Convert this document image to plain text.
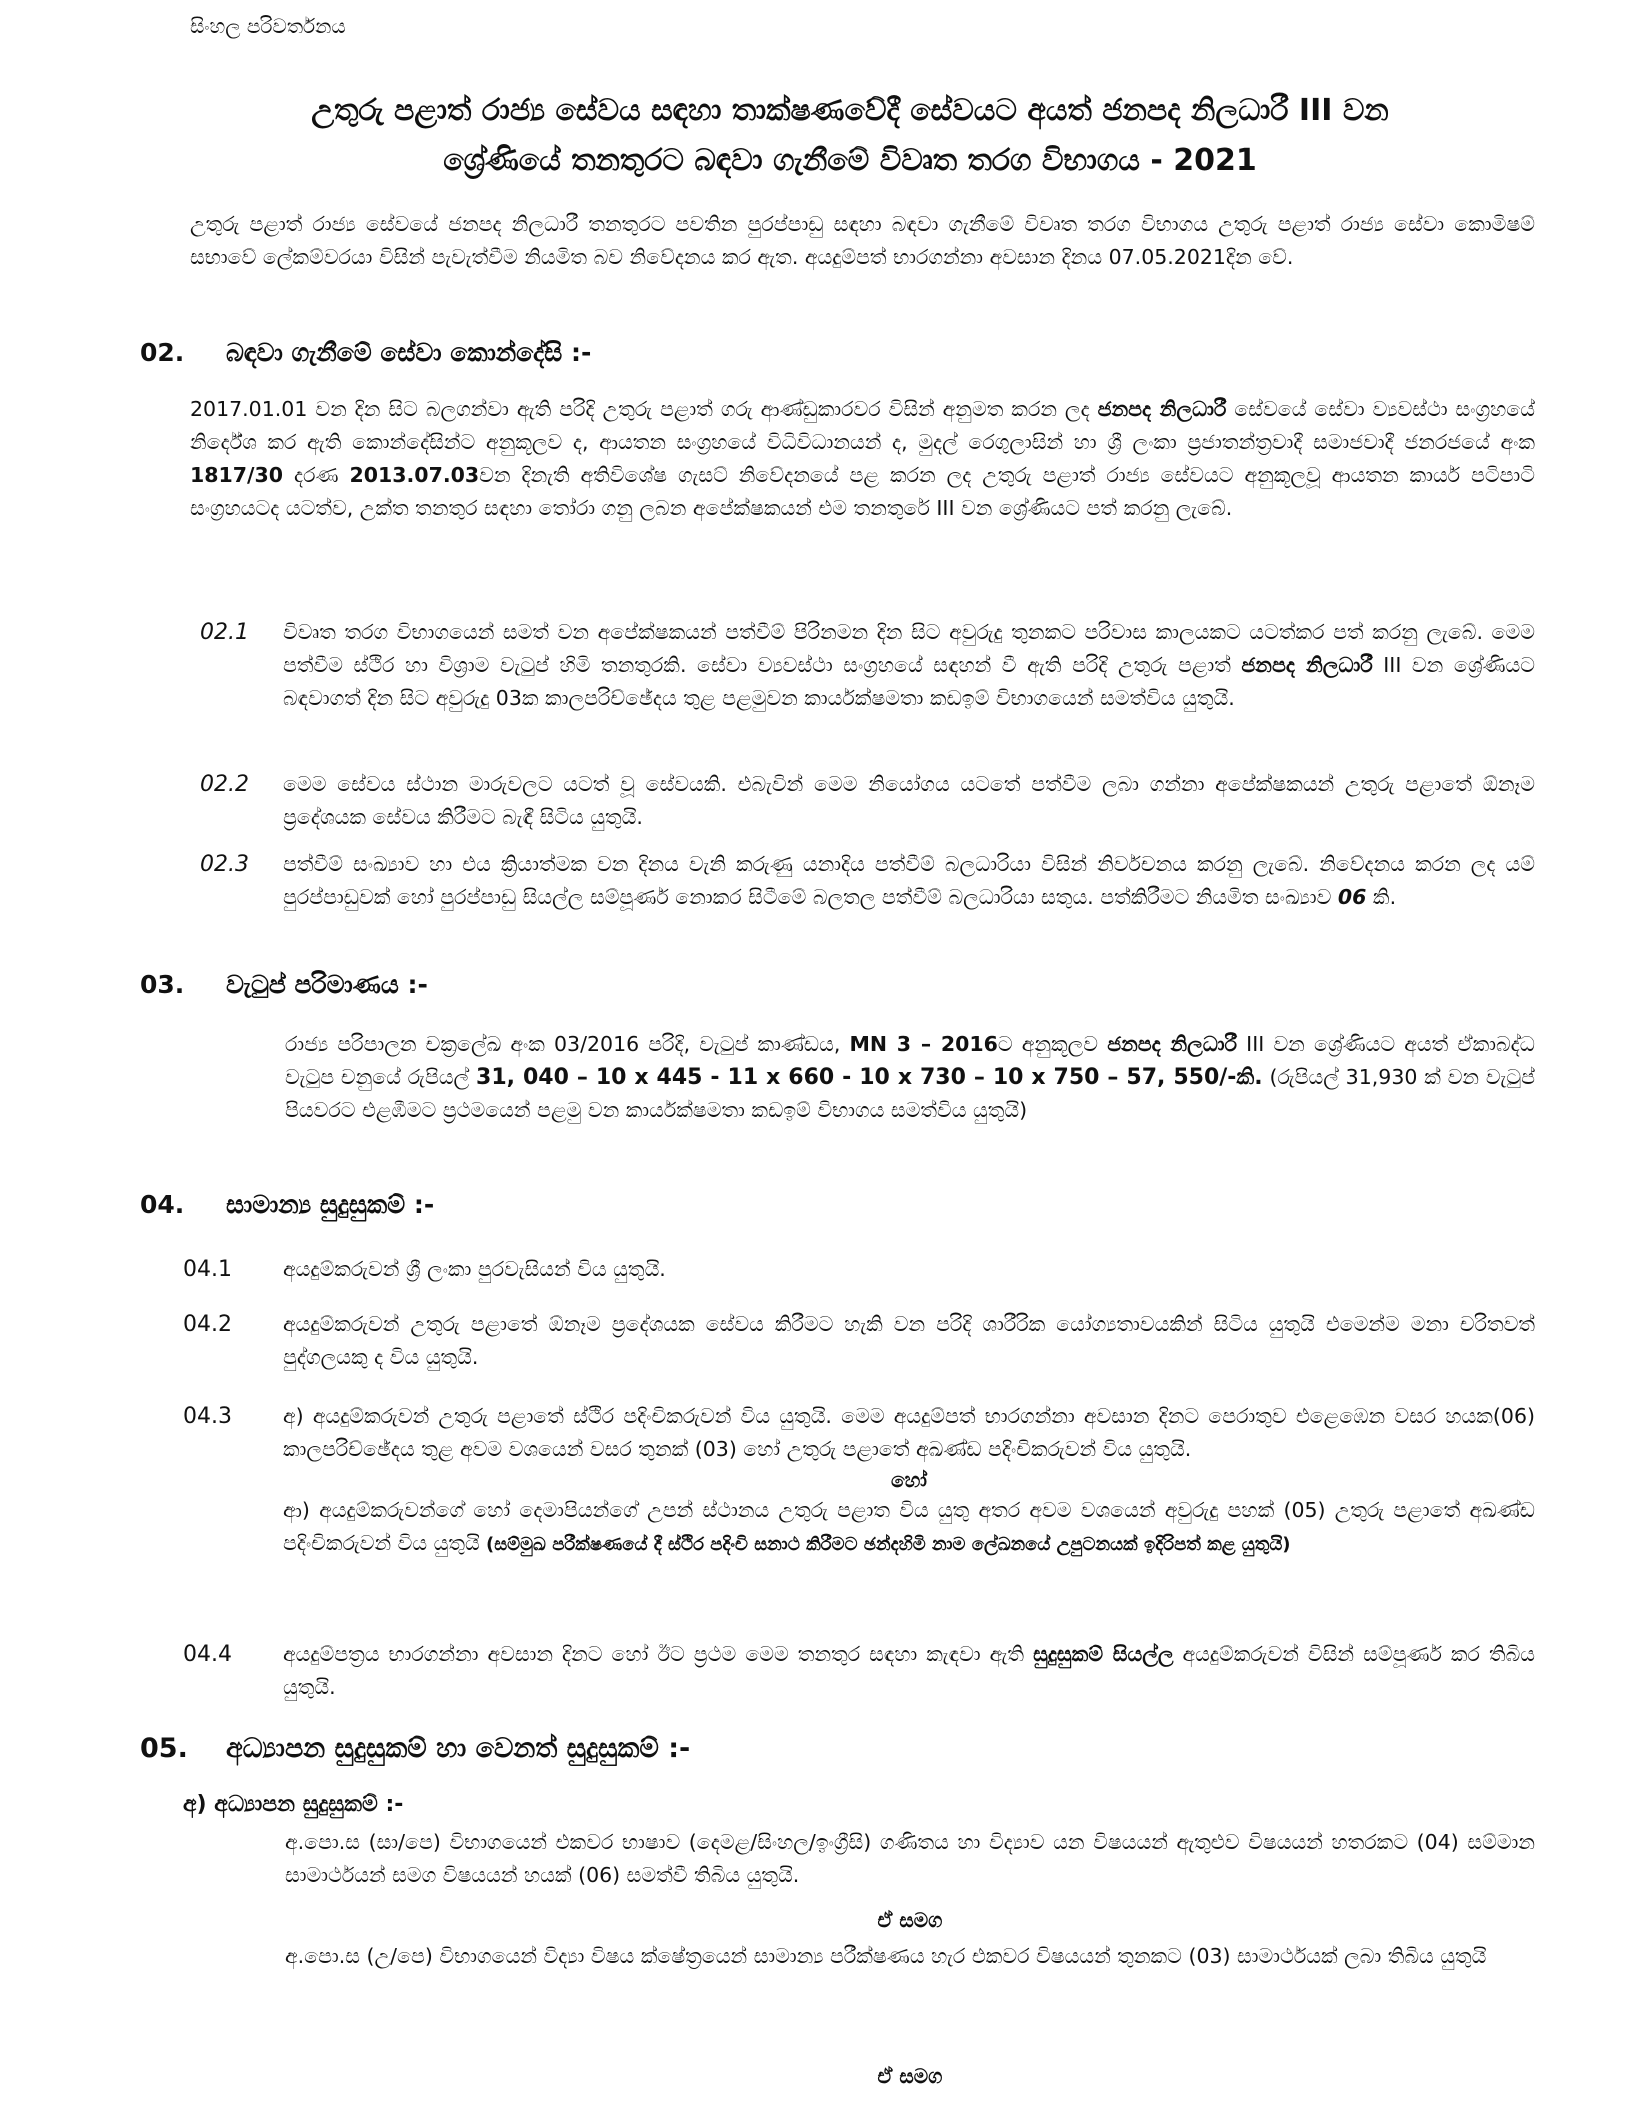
සිංහල පරිවර්තනය
උතුරු පළාත් රාජ්‍ය සේවය සඳහා තාක්ෂණවේදී සේවයට අයත් ජනපද නිලධාරී III වන
ශ්‍රේණියේ තනතුරට බඳවා ගැනීමේ විවෘත තරග විභාගය - 2021

උතුරු පළාත් රාජ්‍ය සේවයේ ජනපද නිලධාරී තනතුරට පවතින පුරප්පාඩු සඳහා බඳවා ගැනීමේ විවෘත තරග විභාගය උතුරු පළාත් රාජ්‍ය සේවා කොමිෂම් සභාවේ ලේකම්වරයා විසින් පැවැත්වීම නියමිත බව නිවේදනය කර ඇත. අයදුම්පත් භාරගන්නා අවසාන දිනය 07.05.2021දින වේ.

02. බඳවා ගැනීමේ සේවා කොන්දේසි :-

2017.01.01 වන දින සිට බලගන්වා ඇති පරිදි උතුරු පළාත් ගරු ආණ්ඩුකාරවර විසින් අනුමත කරන ලද ජනපද නිලධාරී සේවයේ සේවා ව්‍යවස්ථා සංග්‍රහයේ නිර්දේශ කර ඇති කොන්දේසින්ට අනුකූලව ද, ආයතන සංග්‍රහයේ විධිවිධානයන් ද, මුදල් රෙගුලාසින් හා ශ්‍රී ලංකා ප්‍රජාතන්ත්‍රවාදී සමාජවාදී ජනරජයේ අංක 1817/30 දරණ 2013.07.03වන දිනැති අතිවිශේෂ ගැසට් නිවේදනයේ පළ කරන ලද උතුරු පළාත් රාජ්‍ය සේවයට අනුකූලවූ ආයතන කාර්ය පටිපාටි සංග්‍රහයටද යටත්ව, උක්ත තනතුර සඳහා තෝරා ගනු ලබන අපේක්ෂකයන් එම තනතුරේ III වන ශ්‍රේණියට පත් කරනු ලැබේ.

02.1 විවෘත තරග විභාගයෙන් සමත් වන අපේක්ෂකයන් පත්වීම් පිරිනමන දින සිට අවුරුදු තුනකට පරිවාස කාලයකට යටත්කර පත් කරනු ලැබේ. මෙම පත්වීම ස්ථිර හා විශ්‍රාම වැටුප් හිමි තනතුරකි. සේවා ව්‍යවස්ථා සංග්‍රහයේ සඳහන් වී ඇති පරිදි උතුරු පළාත් ජනපද නිලධාරී III වන ශ්‍රේණියට බඳවාගත් දින සිට අවුරුදු 03ක කාලපරිච්ඡේදය තුළ පළමුවන කාර්යක්ෂමතා කඩඉම් විභාගයෙන් සමත්විය යුතුයි.

02.2 මෙම සේවය ස්ථාන මාරුවලට යටත් වූ සේවයකි. එබැවින් මෙම නියෝගය යටතේ පත්වීම ලබා ගන්නා අපේක්ෂකයන් උතුරු පළාතේ ඕනෑම ප්‍රදේශයක සේවය කිරීමට බැඳී සිටිය යුතුයි.

02.3 පත්වීම් සංඛ්‍යාව හා එය ක්‍රියාත්මක වන දිනය වැනි කරුණු යනාදිය පත්වීම් බලධාරියා විසින් නිර්වචනය කරනු ලැබේ. නිවේදනය කරන ලද යම් පුරප්පාඩුවක් හෝ පුරප්පාඩු සියල්ල සම්පූර්ණ නොකර සිටීමේ බලතල පත්වීම් බලධාරියා සතුය. පත්කිරීමට නියමිත සංඛ්‍යාව 06 කි.

03. වැටුප් පරිමාණය :-

රාජ්‍ය පරිපාලන චක්‍රලේඛ අංක 03/2016 පරිදි, වැටුප් කාණ්ඩය, MN 3 – 2016ට අනුකූලව ජනපද නිලධාරී III වන ශ්‍රේණියට අයත් ඒකාබද්ධ වැටුප චනුයේ රුපියල් 31, 040 – 10 x 445 - 11 x 660 - 10 x 730 – 10 x 750 – 57, 550/-කි. (රුපියල් 31,930 ක් වන වැටුප් පියවරට එළඹීමට ප්‍රථමයෙන් පළමු වන කාර්යක්ෂමතා කඩඉම් විභාගය සමත්විය යුතුයි)

04. සාමාන්‍ය සුදුසුකම් :-
04.1 අයදුම්කරුවන් ශ්‍රී ලංකා පුරවැසියන් විය යුතුයි.

04.2 අයදුම්කරුවන් උතුරු පළාතේ ඕනෑම ප්‍රදේශයක සේවය කිරීමට හැකි වන පරිදි ශාරීරික යෝග්‍යතාවයකින් සිටිය යුතුයි එමෙන්ම මනා චරිතවත් පුද්ගලයකු ද විය යුතුයි.

04.3 අ) අයදුම්කරුවන් උතුරු පළාතේ ස්ථිර පදිංචිකරුවන් විය යුතුයි. මෙම අයදුම්පත් භාරගන්නා අවසාන දිනට පෙරාතුව එළෙඹෙන වසර හයක(06) කාලපරිච්ඡේදය තුළ අවම වශයෙන් වසර තුනක් (03) හෝ උතුරු පළාතේ අඛණ්ඩ පදිංචිකරුවන් විය යුතුයි.

හෝ

ආ) අයදුම්කරුවන්ගේ හෝ දෙමාපියන්ගේ උපන් ස්ථානය උතුරු පළාත විය යුතු අතර අවම වශයෙන් අවුරුදු පහක් (05) උතුරු පළාතේ අඛණ්ඩ පදිංචිකරුවන් විය යුතුයි (සම්මුඛ පරීක්ෂණයේ දී ස්ථිර පදිංචි සනාථ කිරීමට ඡන්දහිමි නාම ලේඛනයේ උපුටනයක් ඉදිරිපත් කළ යුතුයි)

04.4 අයදුම්පත්‍රය භාරගන්නා අවසාන දිනට හෝ ඊට ප්‍රථම මෙම තනතුර සඳහා කැඳවා ඇති සුදුසුකම් සියල්ල අයදුම්කරුවන් විසින් සම්පූර්ණ කර තිබිය යුතුයි.

05. අධ්‍යාපන සුදුසුකම් හා වෙනත් සුදුසුකම් :-
අ) අධ්‍යාපන සුදුසුකම් :-

අ.පො.ස (සා/පෙ) විභාගයෙන් එකවර භාෂාව (දෙමළ/සිංහල/ඉංග්‍රීසි) ගණිතය හා විද්‍යාව යන විෂයයන් ඇතුළුව විෂයයන් හතරකට (04) සම්මාන සාමාර්ථයන් සමග විෂයයන් හයක් (06) සමත්වී තිබිය යුතුයි.

ඒ සමග

අ.පො.ස (උ/පෙ) විභාගයෙන් විද්‍යා විෂය ක්ෂේත්‍රයෙන් සාමාන්‍ය පරීක්ෂණය හැර එකවර විෂයයන් තුනකට (03) සාමාර්ථයක් ලබා තිබිය යුතුයි

ඒ සමග
